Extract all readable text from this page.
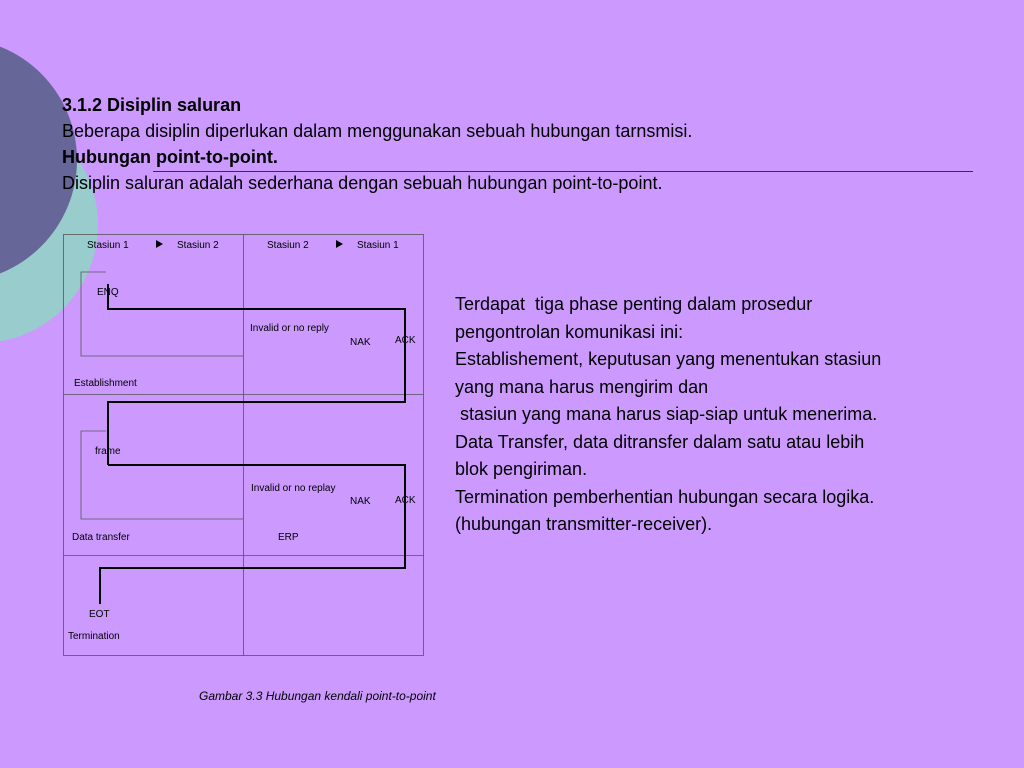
3.1.2 Disiplin saluran
Beberapa disiplin diperlukan dalam menggunakan sebuah hubungan tarnsmisi.
Hubungan point-to-point.
Disiplin saluran adalah sederhana dengan sebuah hubungan point-to-point.
Stasiun 1	Stasiun 2	Stasiun 2	Stasiun 1
ENQ
Invalid or no reply
NAK ACK
Establishment
frame
Invalid or no replay
NAK ACK
Data transfer	ERP
EOT
Termination
Terdapat  tiga phase penting dalam prosedur
pengontrolan komunikasi ini:
Establishement, keputusan yang menentukan stasiun
yang mana harus mengirim dan
stasiun yang mana harus siap-siap untuk menerima.
Data Transfer, data ditransfer dalam satu atau lebih
blok pengiriman.
Termination pemberhentian hubungan secara logika.
(hubungan transmitter-receiver).
Gambar 3.3 Hubungan kendali point-to-point
